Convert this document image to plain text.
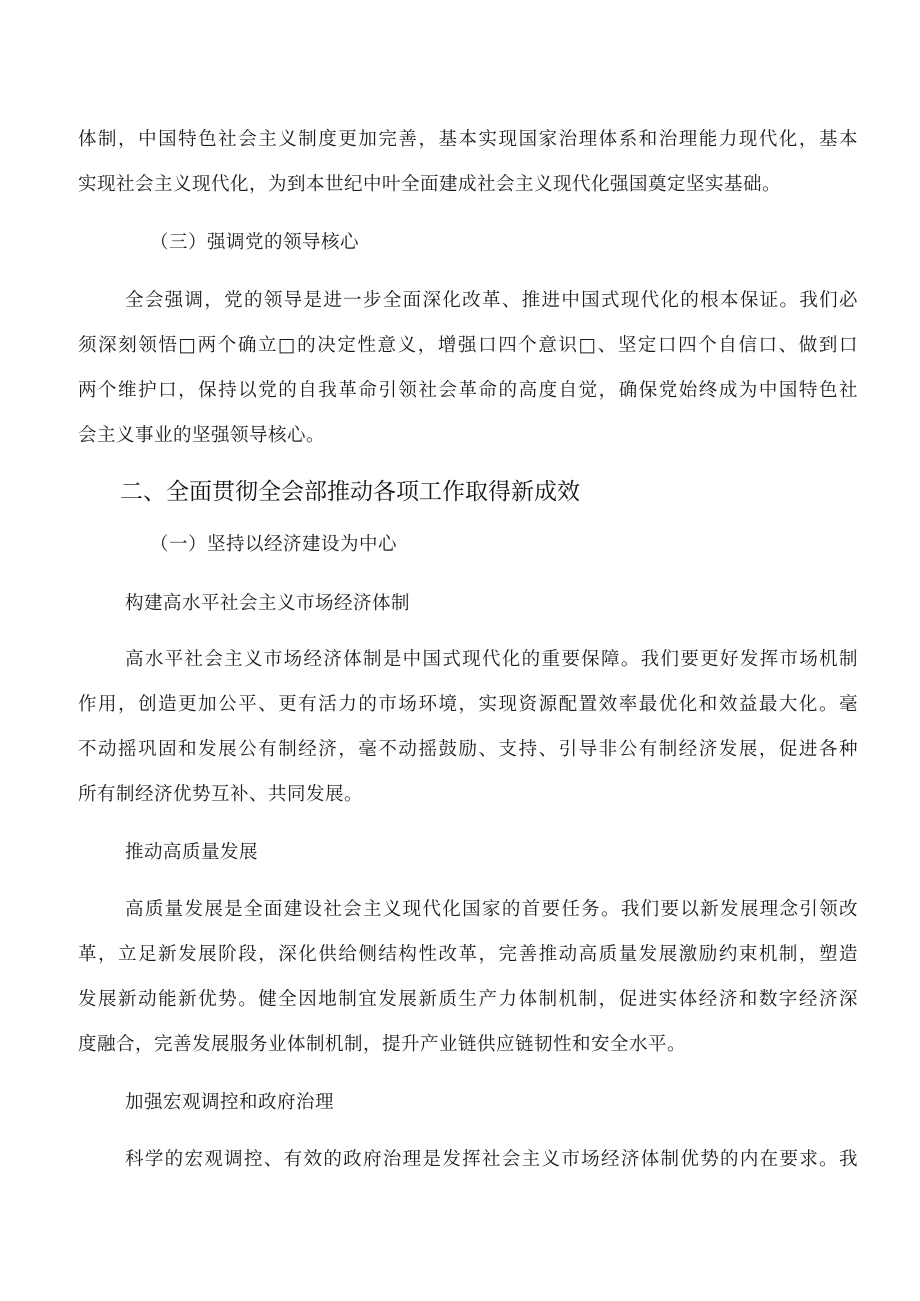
体制，中国特色社会主义制度更加完善，基本实现国家治理体系和治理能力现代化，基本
实现社会主义现代化，为到本世纪中叶全面建成社会主义现代化强国奠定坚实基础。
（三）强调党的领导核心
全会强调，党的领导是进一步全面深化改革、推进中国式现代化的根本保证。我们必
须深刻领悟□两个确立□的决定性意义，增强口四个意识□、坚定口四个自信口、做到口
两个维护口，保持以党的自我革命引领社会革命的高度自觉，确保党始终成为中国特色社
会主义事业的坚强领导核心。
二、全面贯彻全会部推动各项工作取得新成效
（一）坚持以经济建设为中心
构建高水平社会主义市场经济体制
高水平社会主义市场经济体制是中国式现代化的重要保障。我们要更好发挥市场机制
作用，创造更加公平、更有活力的市场环境，实现资源配置效率最优化和效益最大化。毫
不动摇巩固和发展公有制经济，毫不动摇鼓励、支持、引导非公有制经济发展，促进各种
所有制经济优势互补、共同发展。
推动高质量发展
高质量发展是全面建设社会主义现代化国家的首要任务。我们要以新发展理念引领改
革，立足新发展阶段，深化供给侧结构性改革，完善推动高质量发展激励约束机制，塑造
发展新动能新优势。健全因地制宜发展新质生产力体制机制，促进实体经济和数字经济深
度融合，完善发展服务业体制机制，提升产业链供应链韧性和安全水平。
加强宏观调控和政府治理
科学的宏观调控、有效的政府治理是发挥社会主义市场经济体制优势的内在要求。我
